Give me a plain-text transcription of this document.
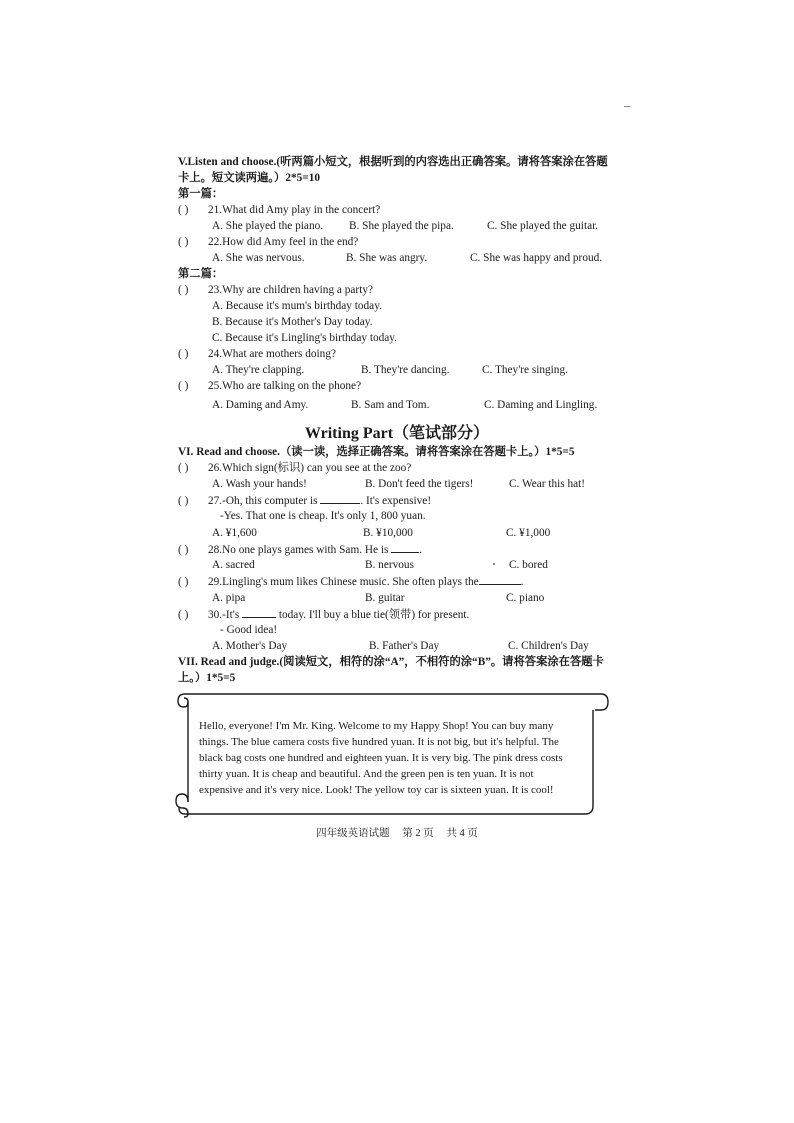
V.Listen and choose.(听两篇小短文，根据听到的内容选出正确答案。请将答案涂在答题
卡上。短文读两遍。）2*5=10
第一篇：
( ) 21.What did Amy play in the concert?
A. She played the piano. B. She played the pipa.	C. She played the guitar.
( ) 22.How did Amy feel in the end?
A. She was nervous.	B. She was angry.	C. She was happy and proud.
第二篇：
( ) 23.Why are children having a party?
A. Because it's mum's birthday today.
B. Because it's Mother's Day today.
C. Because it's Lingling's birthday today.
( ) 24.What are mothers doing?
A. They're clapping.	B. They're dancing.	C. They're singing.
( ) 25.Who are talking on the phone?
A. Daming and Amy.	B. Sam and Tom.	C. Daming and Lingling.
Writing Part（笔试部分）
VI. Read and choose.（读一读，选择正确答案。请将答案涂在答题卡上。）1*5=5
( ) 26.Which sign(标识) can you see at the zoo?
A. Wash your hands!	B. Don't feed the tigers!	C. Wear this hat!
( ) 27.-Oh, this computer is	. It's expensive!
-Yes. That one is cheap. It's only 1, 800 yuan.
A. ¥1,600	B. ¥10,000	C. ¥1,000
( ) 28.No one plays games with Sam. He is	.
A. sacred	B. nervous	C. bored
( ) 29.Lingling's mum likes Chinese music. She often plays the	.
A. pipa	B. guitar	C. piano
( ) 30.-It's	today. I'll buy a blue tie(领带) for present.
- Good idea!
A. Mother's Day	B. Father's Day	C. Children's Day
VII. Read and judge.(阅读短文，相符的涂“A”，不相符的涂“B”。请将答案涂在答题卡
上。）1*5=5

Hello, everyone! I'm Mr. King. Welcome to my Happy Shop! You can buy many

things. The blue camera costs five hundred yuan. It is not big, but it's helpful. The

black bag costs one hundred and eighteen yuan. It is very big. The pink dress costs

thirty yuan. It is cheap and beautiful. And the green pen is ten yuan. It is not

expensive and it's very nice. Look! The yellow toy car is sixteen yuan. It is cool!

四年级英语试题 第 2 页 共 4 页
